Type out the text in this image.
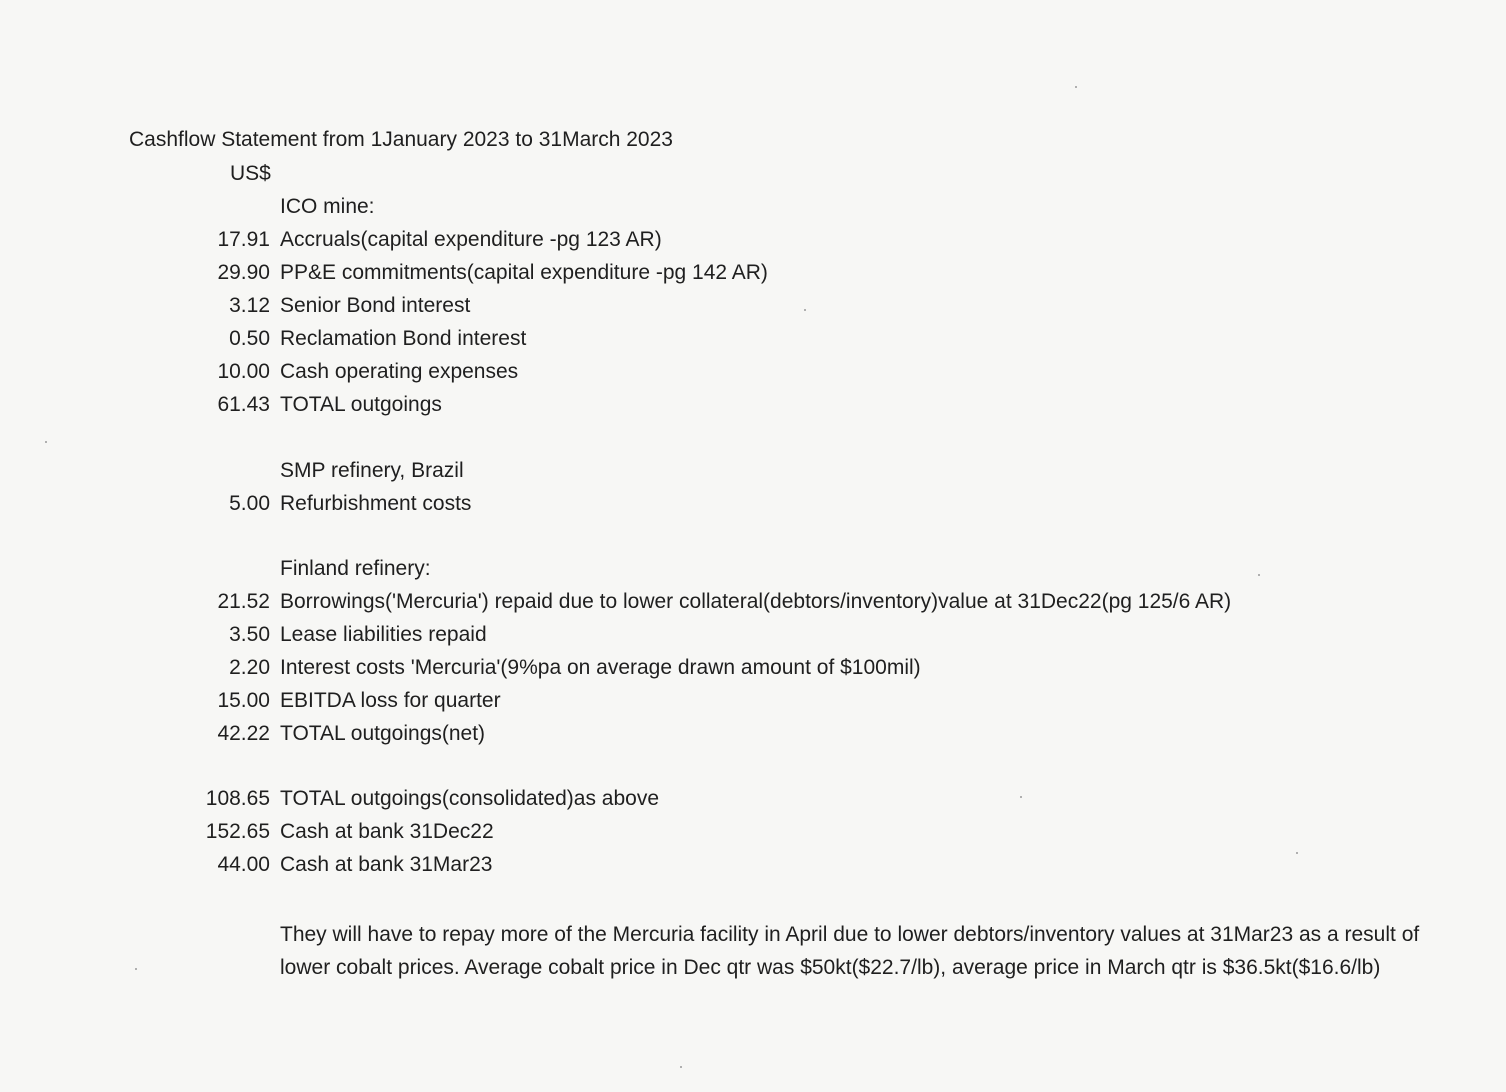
Cashflow Statement from 1January 2023 to 31March 2023
US$
ICO mine:
17.91 Accruals(capital expenditure -pg 123 AR)
29.90 PP&E commitments(capital expenditure -pg 142 AR)
3.12 Senior Bond interest
0.50 Reclamation Bond interest
10.00 Cash operating expenses
61.43 TOTAL outgoings
SMP refinery, Brazil
5.00 Refurbishment costs
Finland refinery:
21.52 Borrowings('Mercuria') repaid due to lower collateral(debtors/inventory)value at 31Dec22(pg 125/6 AR)
3.50 Lease liabilities repaid
2.20 Interest costs 'Mercuria'(9%pa on average drawn amount of $100mil)
15.00 EBITDA loss for quarter
42.22 TOTAL outgoings(net)
108.65 TOTAL outgoings(consolidated)as above
152.65 Cash at bank 31Dec22
44.00 Cash at bank 31Mar23
They will have to repay more of the Mercuria facility in April due to lower debtors/inventory values at 31Mar23 as a result of lower cobalt prices. Average cobalt price in Dec qtr was $50kt($22.7/lb), average price in March qtr is $36.5kt($16.6/lb)
